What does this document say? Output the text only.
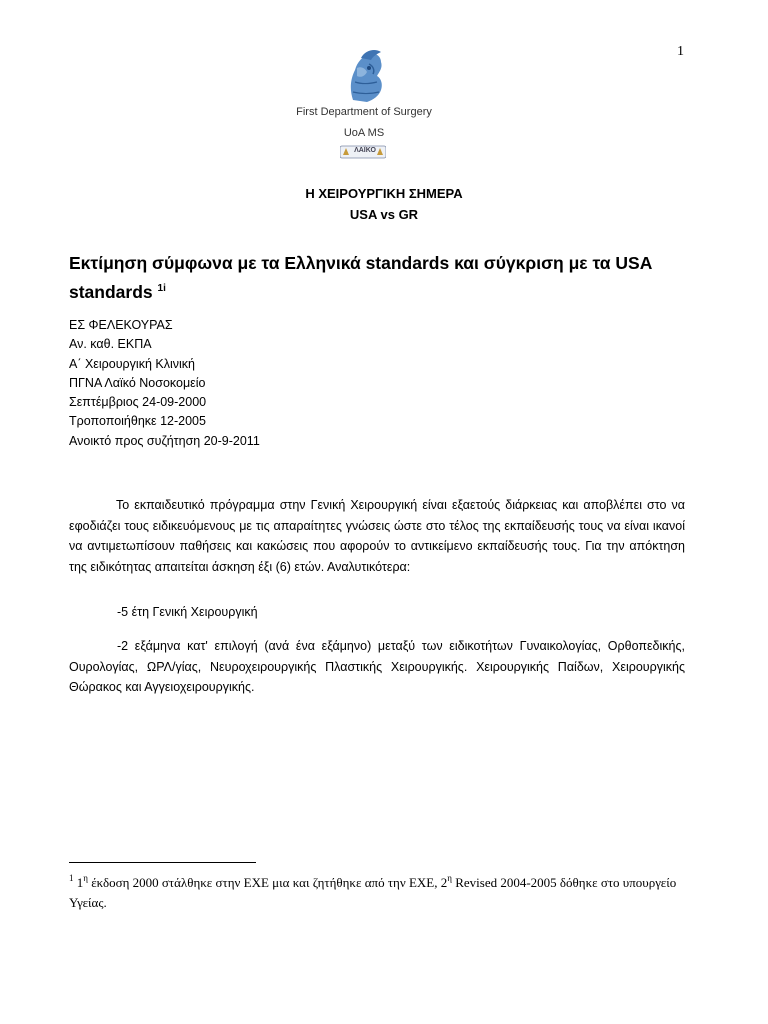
1
First Department of Surgery
UoA MS
ΛΑΪΚΟ
Η ΧΕΙΡΟΥΡΓΙΚΗ ΣΗΜΕΡΑ
USA vs GR
Εκτίμηση σύμφωνα με τα Ελληνικά standards και σύγκριση με τα USA standards $^{1i}$
ΕΣ ΦΕΛΕΚΟΥΡΑΣ
Αν. καθ. ΕΚΠΑ
Α΄ Χειρουργική Κλινική
ΠΓΝΑ Λαϊκό Νοσοκομείο
Σεπτέμβριος 24-09-2000
Τροποποιήθηκε 12-2005
Ανοικτό προς συζήτηση 20-9-2011
Το εκπαιδευτικό πρόγραμμα στην Γενική Χειρουργική είναι εξαετούς διάρκειας και αποβλέπει στο να εφοδιάζει τους ειδικευόμενους με τις απαραίτητες γνώσεις ώστε στο τέλος της εκπαίδευσής τους να είναι ικανοί να αντιμετωπίσουν παθήσεις και κακώσεις που αφορούν το αντικείμενο εκπαίδευσής τους. Για την απόκτηση της ειδικότητας απαιτείται άσκηση έξι (6) ετών. Αναλυτικότερα:
-5 έτη Γενική Χειρουργική
-2 εξάμηνα κατ' επιλογή (ανά ένα εξάμηνο) μεταξύ των ειδικοτήτων Γυναικολογίας, Ορθοπεδικής, Ουρολογίας, ΩΡΛ/γίας, Νευροχειρουργικής Πλαστικής Χειρουργικής. Χειρουργικής Παίδων, Χειρουργικής Θώρακος και Αγγειοχειρουργικής.
$^1$ $1^\eta$ έκδοση 2000 στάλθηκε στην ΕΧΕ μια και ζητήθηκε από την ΕΧΕ, $2^\eta$ Revised 2004-2005 δόθηκε στο υπουργείο Υγείας.
